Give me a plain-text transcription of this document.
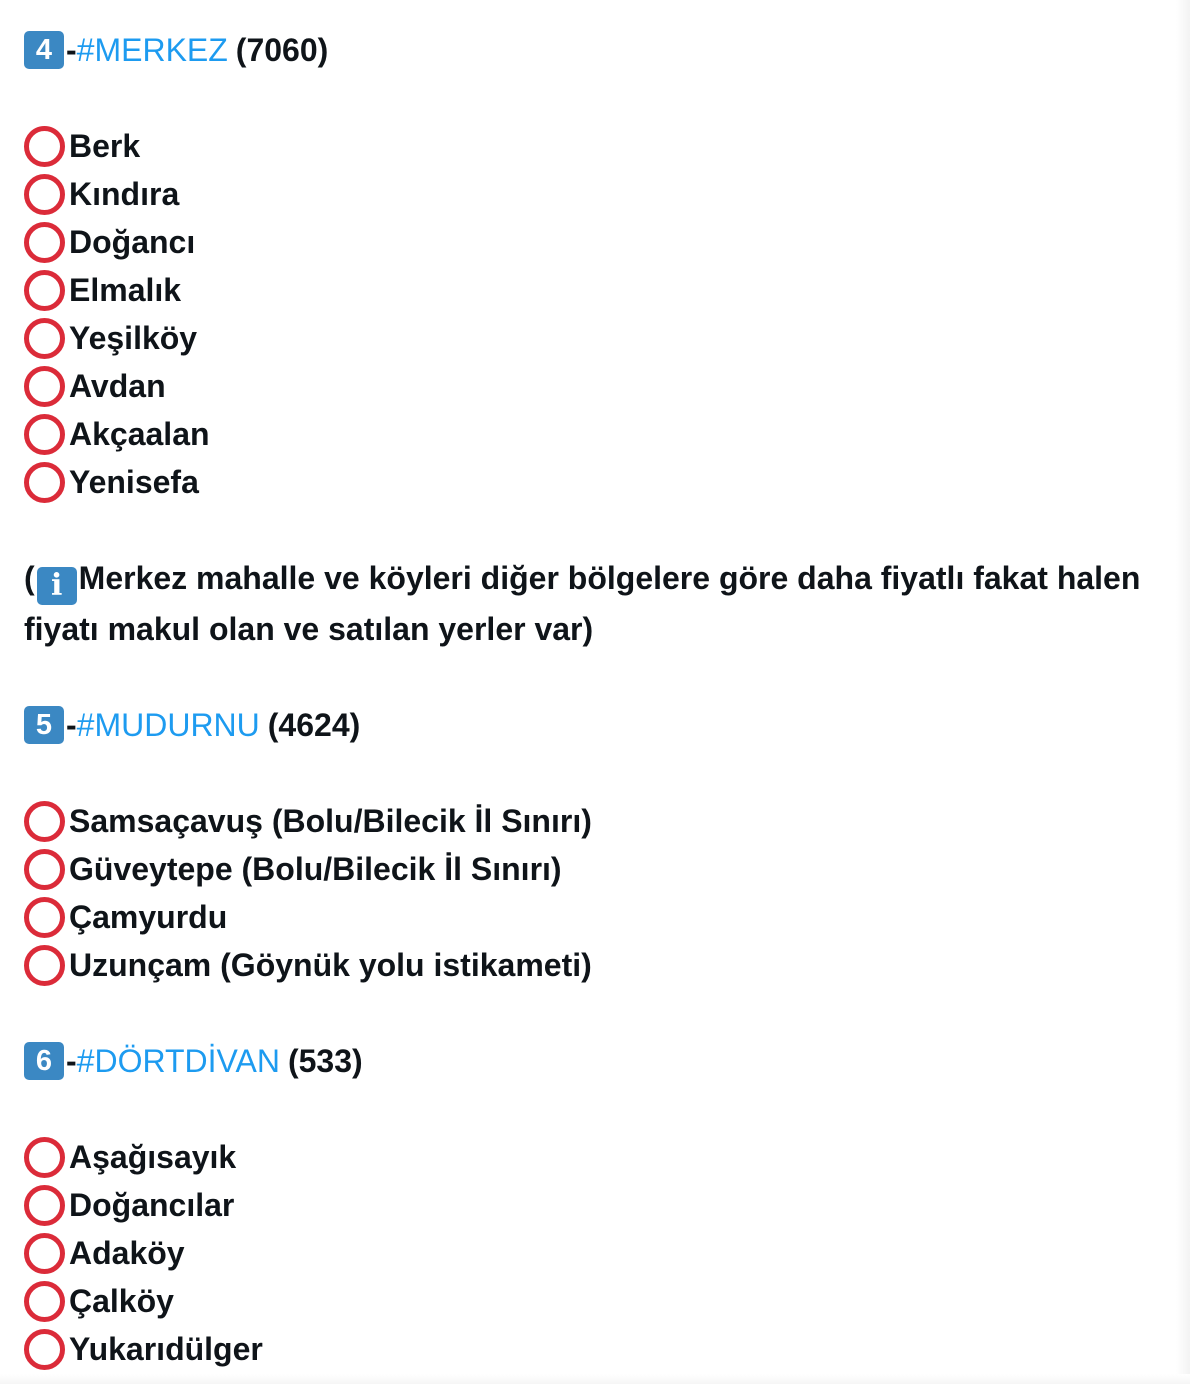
4 - #MERKEZ (7060)
Berk
Kındıra
Doğancı
Elmalık
Yeşilköy
Avdan
Akçaalan
Yenisefa
( i Merkez mahalle ve köyleri diğer bölgelere göre daha fiyatlı fakat halen fiyatı makul olan ve satılan yerler var)
5 - #MUDURNU (4624)
Samsaçavuş (Bolu/Bilecik İl Sınırı)
Güveytepe (Bolu/Bilecik İl Sınırı)
Çamyurdu
Uzunçam (Göynük yolu istikameti)
6 - #DÖRTDİVAN (533)
Aşağısayık
Doğancılar
Adaköy
Çalköy
Yukarıdülger
